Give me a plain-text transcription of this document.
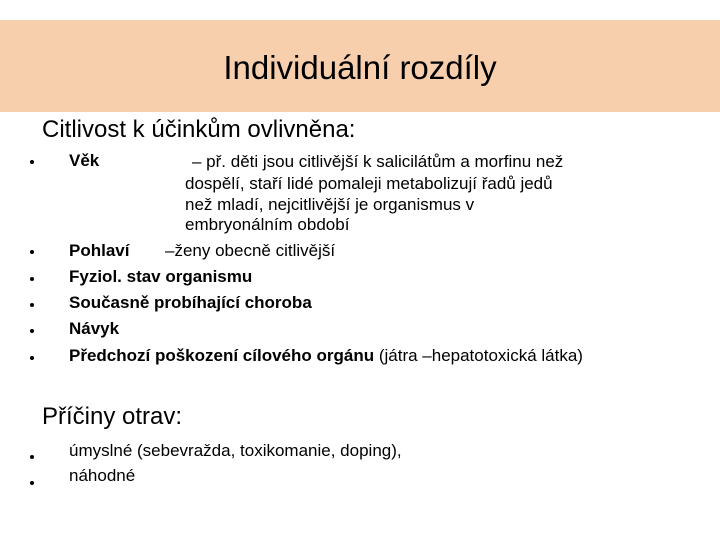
Individuální rozdíly
Citlivost k účinkům ovlivněna:
Věk	– př. děti jsou citlivější k salicilátům a morfinu než
dospělí, staří lidé pomaleji metabolizují řadů jedů
než mladí, nejcitlivější je organismus v
embryonálním období
Pohlaví –ženy obecně citlivější
Fyziol. stav organismu
Současně probíhající choroba
Návyk
Předchozí poškození cílového orgánu (játra –hepatotoxická látka)
Příčiny otrav:
úmyslné (sebevražda, toxikomanie, doping),
náhodné
